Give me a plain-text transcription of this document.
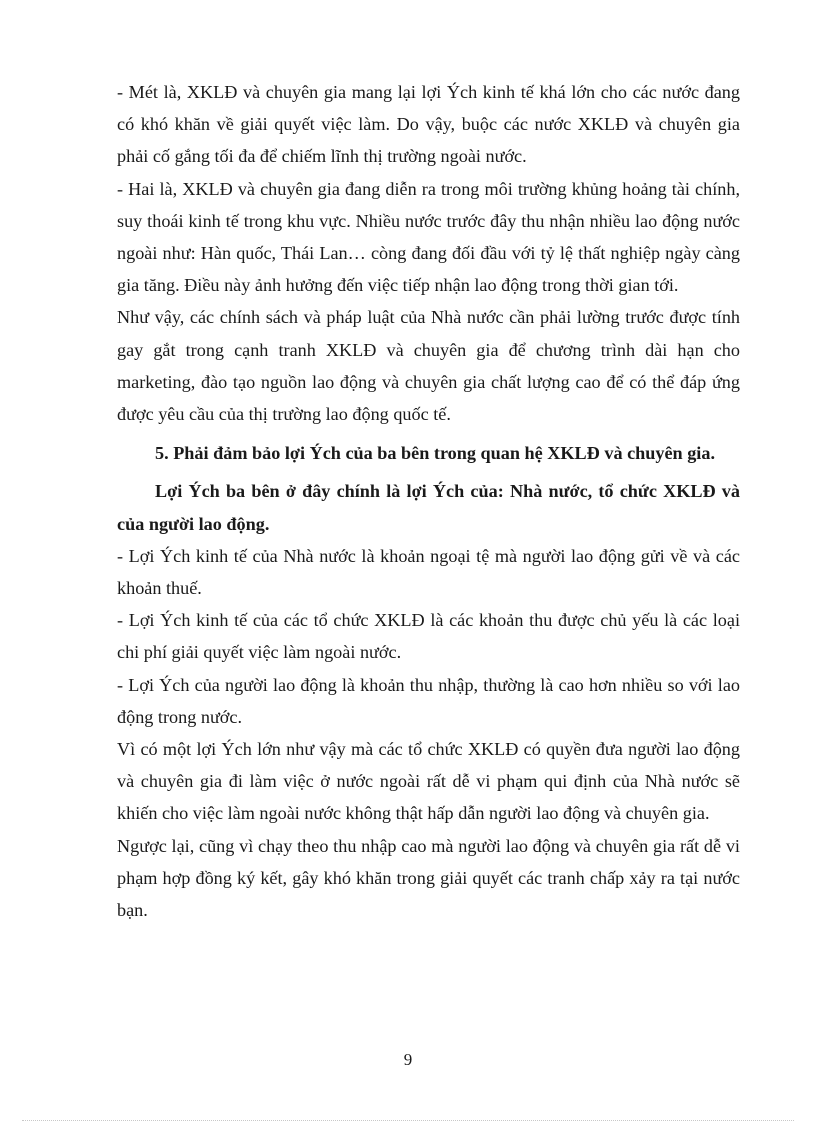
- Mét là, XKLĐ và chuyên gia mang lại lợi Ých kinh tế khá lớn cho các nước đang có khó khăn về giải quyết việc làm. Do vậy, buộc các nước XKLĐ và chuyên gia phải cố gắng tối đa để chiếm lĩnh thị trường ngoài nước.

- Hai là, XKLĐ và chuyên gia đang diễn ra trong môi trường khủng hoảng tài chính, suy thoái kinh tế trong khu vực. Nhiều nước trước đây thu nhận nhiều lao động nước ngoài như: Hàn quốc, Thái Lan… còng đang đối đầu với tỷ lệ thất nghiệp ngày càng gia tăng. Điều này ảnh hưởng đến việc tiếp nhận lao động trong thời gian tới.

Như vậy, các chính sách và pháp luật của Nhà nước cần phải lường trước được tính gay gắt trong cạnh tranh XKLĐ và chuyên gia để chương trình dài hạn cho marketing, đào tạo nguồn lao động và chuyên gia chất lượng cao để có thể đáp ứng được yêu cầu của thị trường lao động quốc tế.

5. Phải đảm bảo lợi Ých của ba bên trong quan hệ XKLĐ và chuyên gia.

Lợi Ých ba bên ở đây chính là lợi Ých của: Nhà nước, tổ chức XKLĐ và của người lao động.

- Lợi Ých kinh tế của Nhà nước là khoản ngoại tệ mà người lao động gửi về và các khoản thuế.

- Lợi Ých kinh tế của các tổ chức XKLĐ là các khoản thu được chủ yếu là các loại chi phí giải quyết việc làm ngoài nước.

- Lợi Ých của người lao động là khoản thu nhập, thường là cao hơn nhiều so với lao động trong nước.

Vì có một lợi Ých lớn như vậy mà các tổ chức XKLĐ có quyền đưa người lao động và chuyên gia đi làm việc ở nước ngoài rất dễ vi phạm qui định của Nhà nước sẽ khiến cho việc làm ngoài nước không thật hấp dẫn người lao động và chuyên gia.

Ngược lại, cũng vì chạy theo thu nhập cao mà người lao động và chuyên gia rất dễ vi phạm hợp đồng ký kết, gây khó khăn trong giải quyết các tranh chấp xảy ra tại nước bạn.

9
